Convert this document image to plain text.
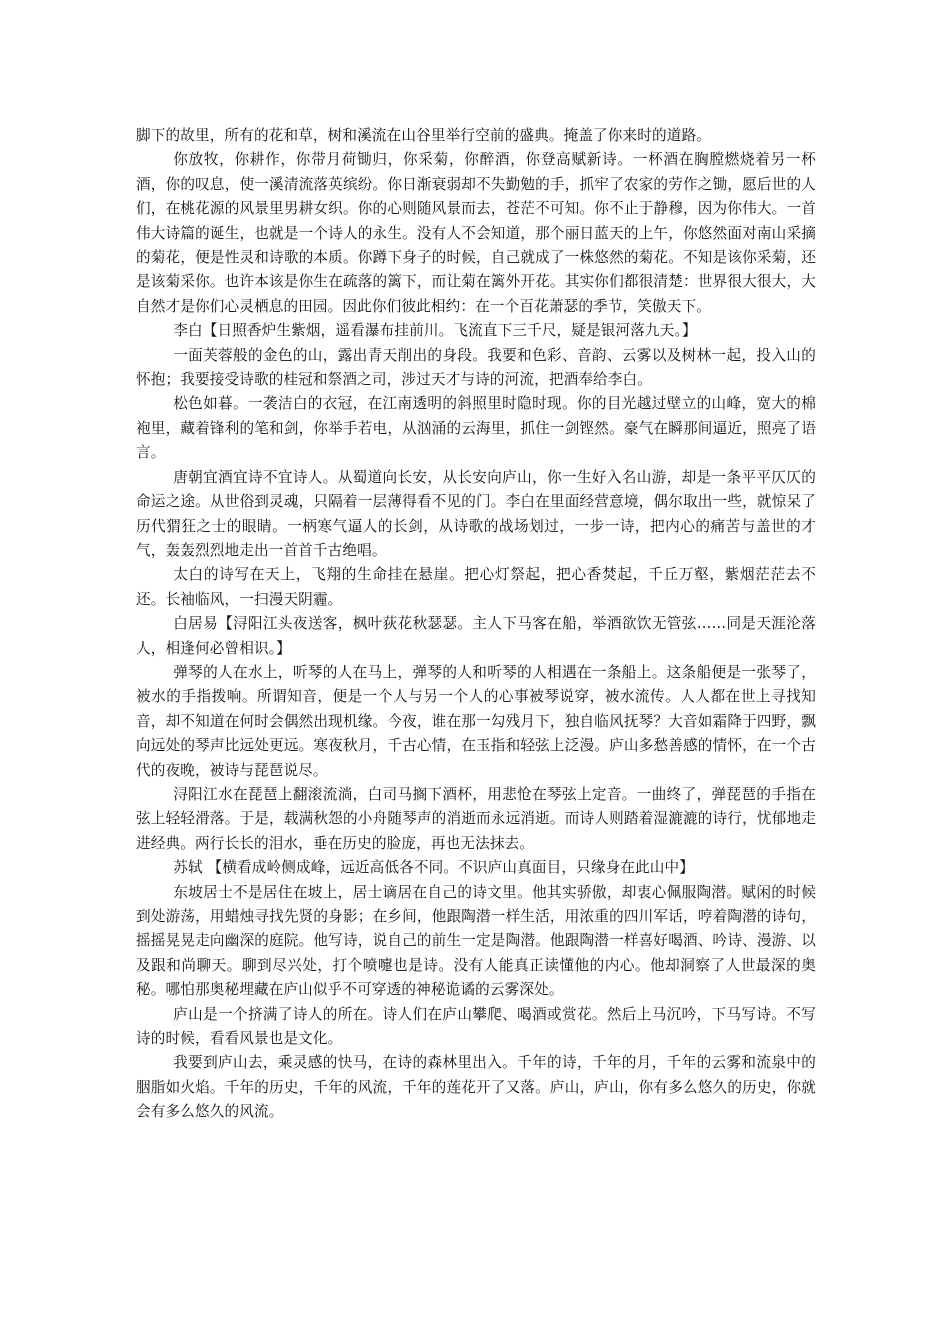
脚下的故里，所有的花和草，树和溪流在山谷里举行空前的盛典。掩盖了你来时的道路。

你放牧，你耕作，你带月荷锄归，你采菊，你醉酒，你登高赋新诗。一杯酒在胸膛燃烧着另一杯酒，你的叹息，使一溪清流落英缤纷。你日渐衰弱却不失勤勉的手，抓牢了农家的劳作之锄，愿后世的人们，在桃花源的风景里男耕女织。你的心则随风景而去，苍茫不可知。你不止于静穆，因为你伟大。一首伟大诗篇的诞生，也就是一个诗人的永生。没有人不会知道，那个丽日蓝天的上午，你悠然面对南山采摘的菊花，便是性灵和诗歌的本质。你蹲下身子的时候，自己就成了一株悠然的菊花。不知是该你采菊，还是该菊采你。也许本该是你生在疏落的篱下，而让菊在篱外开花。其实你们都很清楚：世界很大很大，大自然才是你们心灵栖息的田园。因此你们彼此相约：在一个百花萧瑟的季节，笑傲天下。

李白【日照香炉生紫烟，遥看瀑布挂前川。飞流直下三千尺，疑是银河落九天。】

一面芙蓉般的金色的山，露出青天削出的身段。我要和色彩、音韵、云雾以及树林一起，投入山的怀抱；我要接受诗歌的桂冠和祭酒之司，涉过天才与诗的河流，把酒奉给李白。

松色如暮。一袭洁白的衣冠，在江南透明的斜照里时隐时现。你的目光越过壁立的山峰，宽大的棉袍里，藏着锋利的笔和剑，你举手若电，从汹涌的云海里，抓住一剑铿然。豪气在瞬那间逼近，照亮了语言。

唐朝宜酒宜诗不宜诗人。从蜀道向长安，从长安向庐山，你一生好入名山游，却是一条平平仄仄的命运之途。从世俗到灵魂，只隔着一层薄得看不见的门。李白在里面经营意境，偶尔取出一些，就惊呆了历代猬狂之士的眼睛。一柄寒气逼人的长剑，从诗歌的战场划过，一步一诗，把内心的痛苦与盖世的才气，轰轰烈烈地走出一首首千古绝唱。

太白的诗写在天上，飞翔的生命挂在悬崖。把心灯祭起，把心香焚起，千丘万壑，紫烟茫茫去不还。长袖临风，一扫漫天阴霾。

白居易【浔阳江头夜送客，枫叶荻花秋瑟瑟。主人下马客在船，举酒欲饮无管弦……同是天涯沦落人，相逢何必曾相识。】

弹琴的人在水上，听琴的人在马上，弹琴的人和听琴的人相遇在一条船上。这条船便是一张琴了，被水的手指拨响。所谓知音，便是一个人与另一个人的心事被琴说穿，被水流传。人人都在世上寻找知音，却不知道在何时会偶然出现机缘。今夜，谁在那一勾残月下，独自临风抚琴？大音如霜降于四野，飘向远处的琴声比远处更远。寒夜秋月，千古心情，在玉指和轻弦上泛漫。庐山多愁善感的情怀，在一个古代的夜晚，被诗与琵琶说尽。

浔阳江水在琵琶上翻滚流淌，白司马搁下酒杯，用悲怆在琴弦上定音。一曲终了，弹琵琶的手指在弦上轻轻滑落。于是，载满秋怨的小舟随琴声的消逝而永远消逝。而诗人则踏着湿漉漉的诗行，忧郁地走进经典。两行长长的泪水，垂在历史的脸庞，再也无法抹去。

苏轼 【横看成岭侧成峰，远近高低各不同。不识庐山真面目，只缘身在此山中】

东坡居士不是居住在坡上，居士谪居在自己的诗文里。他其实骄傲，却衷心佩服陶潜。赋闲的时候到处游荡，用蜡烛寻找先贤的身影；在乡间，他跟陶潜一样生活，用浓重的四川军话，哼着陶潜的诗句，摇摇晃晃走向幽深的庭院。他写诗，说自己的前生一定是陶潜。他跟陶潜一样喜好喝酒、吟诗、漫游、以及跟和尚聊天。聊到尽兴处，打个喷嚏也是诗。没有人能真正读懂他的内心。他却洞察了人世最深的奥秘。哪怕那奥秘埋藏在庐山似乎不可穿透的神秘诡谲的云雾深处。

庐山是一个挤满了诗人的所在。诗人们在庐山攀爬、喝酒或赏花。然后上马沉吟，下马写诗。不写诗的时候，看看风景也是文化。

我要到庐山去，乘灵感的快马，在诗的森林里出入。千年的诗，千年的月，千年的云雾和流泉中的胭脂如火焰。千年的历史，千年的风流，千年的莲花开了又落。庐山，庐山，你有多么悠久的历史，你就会有多么悠久的风流。
